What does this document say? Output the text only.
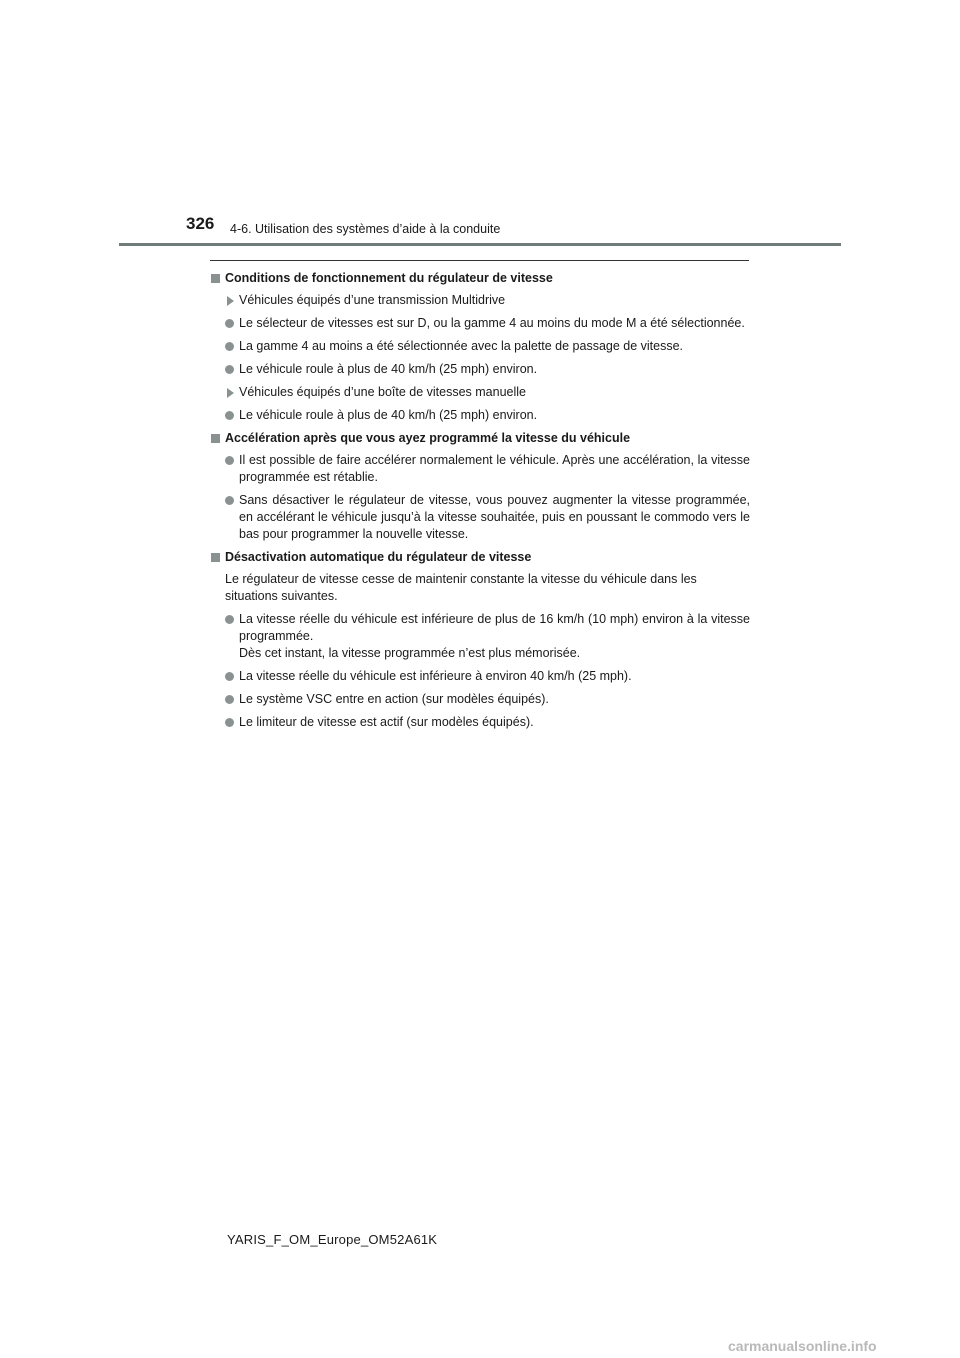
326 4-6. Utilisation des systèmes d’aide à la conduite
Conditions de fonctionnement du régulateur de vitesse
Véhicules équipés d’une transmission Multidrive
Le sélecteur de vitesses est sur D, ou la gamme 4 au moins du mode M a été sélectionnée.
La gamme 4 au moins a été sélectionnée avec la palette de passage de vitesse.
Le véhicule roule à plus de 40 km/h (25 mph) environ.
Véhicules équipés d’une boîte de vitesses manuelle
Le véhicule roule à plus de 40 km/h (25 mph) environ.
Accélération après que vous ayez programmé la vitesse du véhicule
Il est possible de faire accélérer normalement le véhicule. Après une accélération, la vitesse programmée est rétablie.
Sans désactiver le régulateur de vitesse, vous pouvez augmenter la vitesse programmée, en accélérant le véhicule jusqu’à la vitesse souhaitée, puis en poussant le commodo vers le bas pour programmer la nouvelle vitesse.
Désactivation automatique du régulateur de vitesse

Le régulateur de vitesse cesse de maintenir constante la vitesse du véhicule dans les situations suivantes.

La vitesse réelle du véhicule est inférieure de plus de 16 km/h (10 mph) environ à la vitesse programmée.
Dès cet instant, la vitesse programmée n’est plus mémorisée.
La vitesse réelle du véhicule est inférieure à environ 40 km/h (25 mph).
Le système VSC entre en action (sur modèles équipés).
Le limiteur de vitesse est actif (sur modèles équipés).
YARIS_F_OM_Europe_OM52A61K
carmanualsonline.info
